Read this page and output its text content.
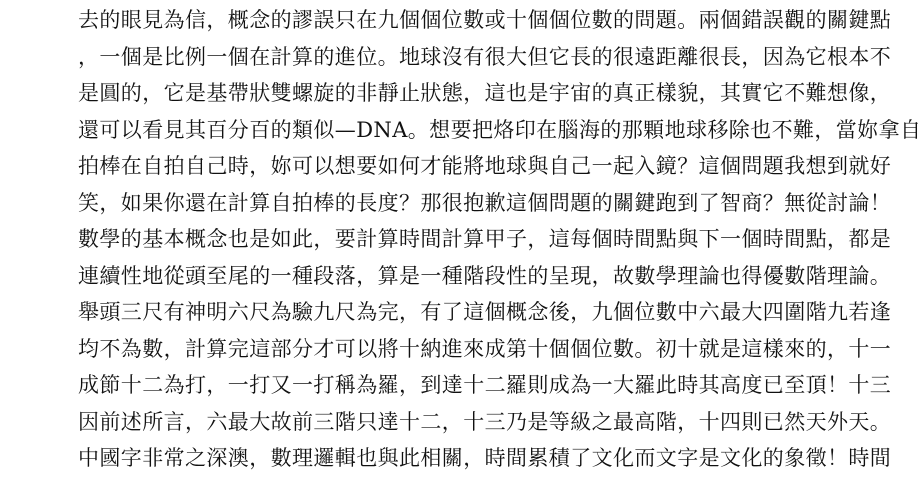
去的眼見為信，概念的謬誤只在九個個位數或十個個位數的問題。兩個錯誤觀的關鍵點
，一個是比例一個在計算的進位。地球沒有很大但它長的很遠距離很長，因為它根本不
是圓的，它是基帶狀雙螺旋的非靜止狀態，這也是宇宙的真正樣貌，其實它不難想像，
還可以看見其百分百的類似—DNA。想要把烙印在腦海的那顆地球移除也不難，當妳拿自
拍棒在自拍自己時，妳可以想要如何才能將地球與自己一起入鏡？這個問題我想到就好
笑，如果你還在計算自拍棒的長度？那很抱歉這個問題的關鍵跑到了智商？無從討論！
數學的基本概念也是如此，要計算時間計算甲子，這每個時間點與下一個時間點，都是
連續性地從頭至尾的一種段落，算是一種階段性的呈現，故數學理論也得優數階理論。
舉頭三尺有神明六尺為驗九尺為完，有了這個概念後，九個位數中六最大四圍階九若逢
均不為數，計算完這部分才可以將十納進來成第十個個位數。初十就是這樣來的，十一
成節十二為打，一打又一打稱為羅，到達十二羅則成為一大羅此時其高度已至頂！十三
因前述所言，六最大故前三階只達十二，十三乃是等級之最高階，十四則已然天外天。
中國字非常之深澳，數理邏輯也與此相關，時間累積了文化而文字是文化的象徵！時間
